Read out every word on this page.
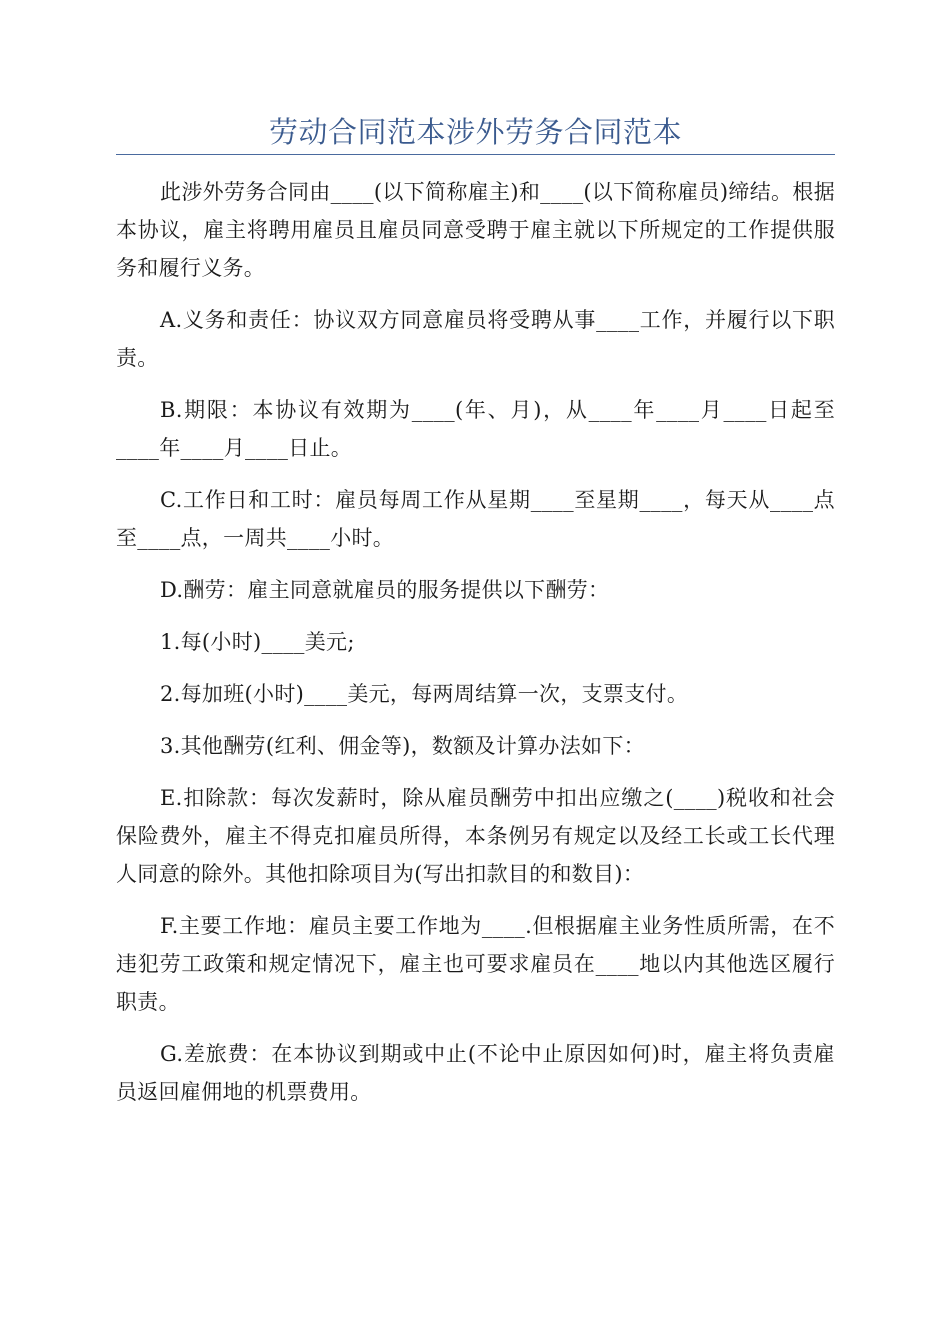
劳动合同范本涉外劳务合同范本

此涉外劳务合同由____(以下简称雇主)和____(以下简称雇员)缔结。根据本协议，雇主将聘用雇员且雇员同意受聘于雇主就以下所规定的工作提供服务和履行义务。

A.义务和责任：协议双方同意雇员将受聘从事____工作，并履行以下职责。

B.期限：本协议有效期为____(年、月)，从____年____月____日起至____年____月____日止。

C.工作日和工时：雇员每周工作从星期____至星期____，每天从____点至____点，一周共____小时。

D.酬劳：雇主同意就雇员的服务提供以下酬劳：

1.每(小时)____美元;

2.每加班(小时)____美元，每两周结算一次，支票支付。

3.其他酬劳(红利、佣金等)，数额及计算办法如下：

E.扣除款：每次发薪时，除从雇员酬劳中扣出应缴之(____)税收和社会保险费外，雇主不得克扣雇员所得，本条例另有规定以及经工长或工长代理人同意的除外。其他扣除项目为(写出扣款目的和数目)：

F.主要工作地：雇员主要工作地为____.但根据雇主业务性质所需，在不违犯劳工政策和规定情况下，雇主也可要求雇员在____地以内其他选区履行职责。

G.差旅费：在本协议到期或中止(不论中止原因如何)时，雇主将负责雇员返回雇佣地的机票费用。
